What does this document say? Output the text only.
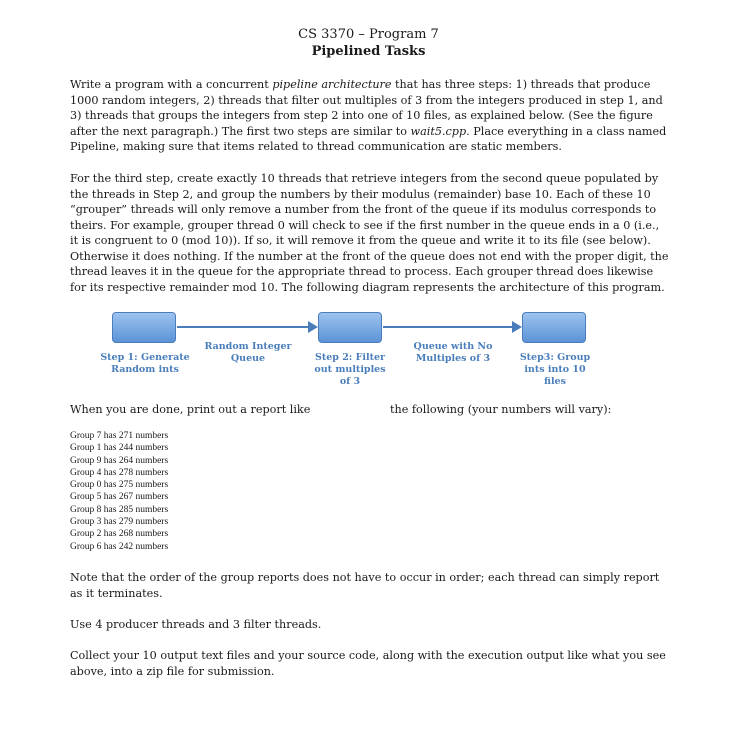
CS 3370 – Program 7
Pipelined Tasks
Write a program with a concurrent pipeline architecture that has three steps: 1) threads that produce 1000 random integers, 2) threads that filter out multiples of 3 from the integers produced in step 1, and 3) threads that groups the integers from step 2 into one of 10 files, as explained below. (See the figure after the next paragraph.) The first two steps are similar to wait5.cpp. Place everything in a class named Pipeline, making sure that items related to thread communication are static members.
For the third step, create exactly 10 threads that retrieve integers from the second queue populated by the threads in Step 2, and group the numbers by their modulus (remainder) base 10. Each of these 10 “grouper” threads will only remove a number from the front of the queue if its modulus corresponds to theirs. For example, grouper thread 0 will check to see if the first number in the queue ends in a 0 (i.e., it is congruent to 0 (mod 10)). If so, it will remove it from the queue and write it to its file (see below). Otherwise it does nothing. If the number at the front of the queue does not end with the proper digit, the thread leaves it in the queue for the appropriate thread to process. Each grouper thread does likewise for its respective remainder mod 10. The following diagram represents the architecture of this program.
Step 1: Generate Random ints
Random Integer Queue	Step 2: Filter out multiples of 3
Queue with No Multiples of 3	Step3: Group ints into 10 files
When you are done, print out a report like	the following (your numbers will vary):
Group 7 has 271 numbers
Group 1 has 244 numbers
Group 9 has 264 numbers
Group 4 has 278 numbers
Group 0 has 275 numbers
Group 5 has 267 numbers
Group 8 has 285 numbers
Group 3 has 279 numbers
Group 2 has 268 numbers
Group 6 has 242 numbers
Note that the order of the group reports does not have to occur in order; each thread can simply report as it terminates.
Use 4 producer threads and 3 filter threads.
Collect your 10 output text files and your source code, along with the execution output like what you see above, into a zip file for submission.
